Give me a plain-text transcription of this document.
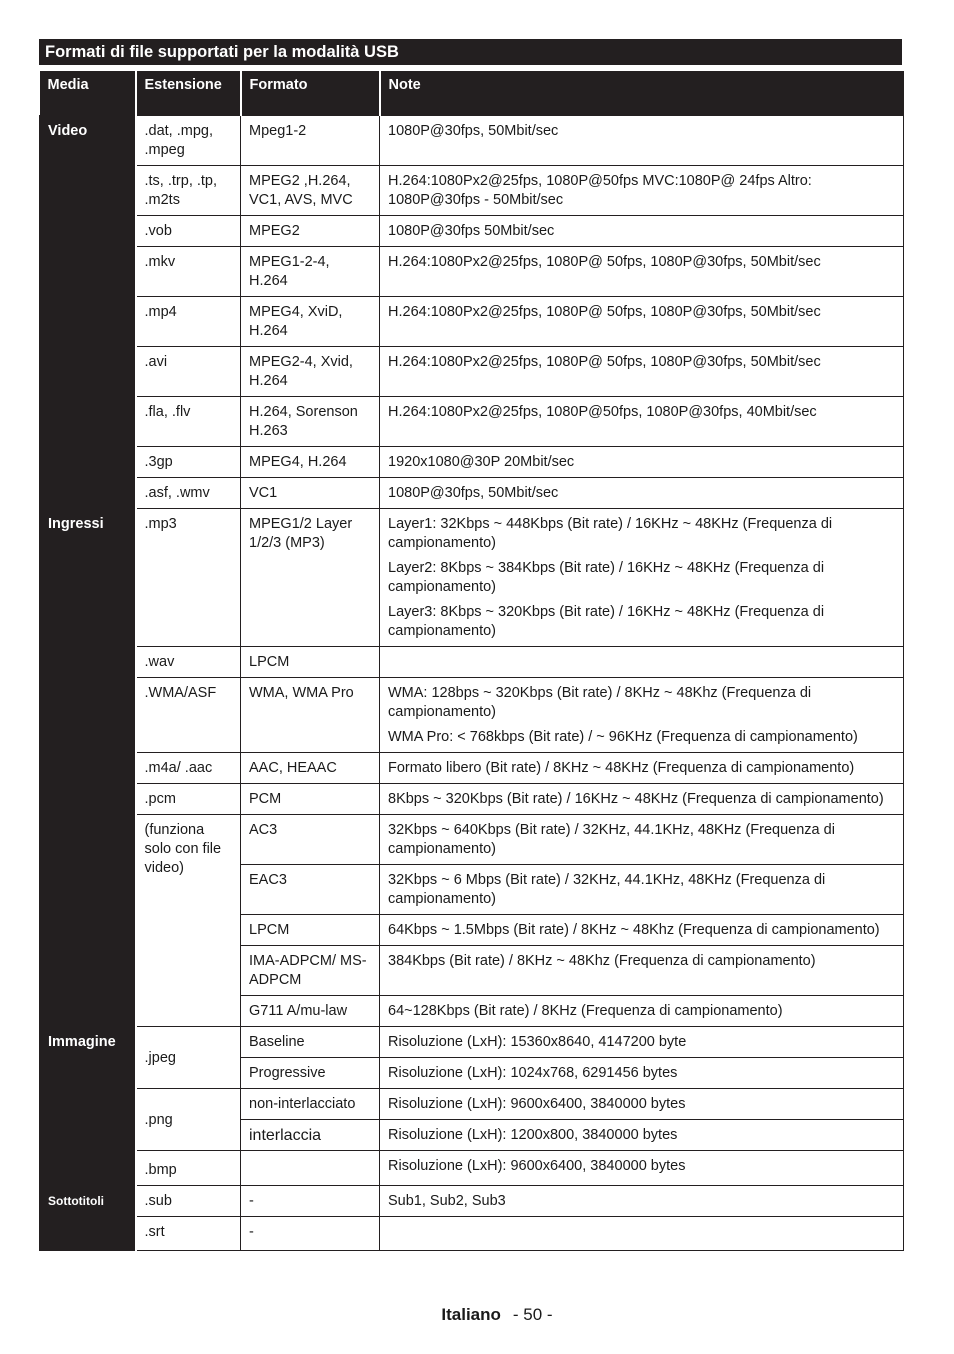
Formati di file supportati per la modalità USB
Media	Estensione	Formato	Note
Video	.dat, .mpg, .mpeg	Mpeg1-2	1080P@30fps, 50Mbit/sec
	.ts, .trp, .tp, .m2ts	MPEG2 ,H.264, VC1, AVS, MVC	H.264:1080Px2@25fps, 1080P@50fps MVC:1080P@ 24fps Altro: 1080P@30fps - 50Mbit/sec
	.vob	MPEG2	1080P@30fps 50Mbit/sec
	.mkv	MPEG1-2-4, H.264	H.264:1080Px2@25fps, 1080P@ 50fps, 1080P@30fps, 50Mbit/sec
	.mp4	MPEG4, XviD, H.264	H.264:1080Px2@25fps, 1080P@ 50fps, 1080P@30fps, 50Mbit/sec
	.avi	MPEG2-4, Xvid, H.264	H.264:1080Px2@25fps, 1080P@ 50fps, 1080P@30fps, 50Mbit/sec
	.fla, .flv	H.264, Sorenson H.263	H.264:1080Px2@25fps, 1080P@50fps, 1080P@30fps, 40Mbit/sec
	.3gp	MPEG4, H.264	1920x1080@30P 20Mbit/sec
	.asf, .wmv	VC1	1080P@30fps, 50Mbit/sec
Ingressi	.mp3	MPEG1/2 Layer 1/2/3 (MP3)	Layer1: 32Kbps ~ 448Kbps (Bit rate) / 16KHz ~ 48KHz (Frequenza di campionamento)
Layer2: 8Kbps ~ 384Kbps (Bit rate) / 16KHz ~ 48KHz (Frequenza di campionamento)
Layer3: 8Kbps ~ 320Kbps (Bit rate) / 16KHz ~ 48KHz (Frequenza di campionamento)

	.wav	LPCM	
	.WMA/ASF	WMA, WMA Pro	WMA: 128bps ~ 320Kbps (Bit rate) / 8KHz ~ 48Khz (Frequenza di campionamento)
WMA Pro: < 768kbps (Bit rate) / ~ 96KHz (Frequenza di campionamento)

	.m4a/ .aac	AAC, HEAAC	Formato libero (Bit rate) / 8KHz ~ 48KHz (Frequenza di campionamento)
	.pcm	PCM	8Kbps ~ 320Kbps (Bit rate) / 16KHz ~ 48KHz (Frequenza di campionamento)
	(funziona solo con file video)	AC3	32Kbps ~ 640Kbps (Bit rate) / 32KHz, 44.1KHz, 48KHz (Frequenza di campionamento)
		EAC3	32Kbps ~ 6 Mbps (Bit rate) / 32KHz, 44.1KHz, 48KHz (Frequenza di campionamento)
		LPCM	64Kbps ~ 1.5Mbps (Bit rate) / 8KHz ~ 48Khz (Frequenza di campionamento)
		IMA-ADPCM/ MS-ADPCM	384Kbps (Bit rate) / 8KHz ~ 48Khz (Frequenza di campionamento)
		G711 A/mu-law	64~128Kbps (Bit rate) / 8KHz (Frequenza di campionamento)
Immagine	.jpeg	Baseline	Risoluzione (LxH): 15360x8640, 4147200 byte
		Progressive	Risoluzione (LxH): 1024x768, 6291456 bytes
	.png	non-interlacciato	Risoluzione (LxH): 9600x6400, 3840000 bytes
		interlaccia	Risoluzione (LxH): 1200x800, 3840000 bytes
	.bmp		Risoluzione (LxH): 9600x6400, 3840000 bytes
Sottotitoli	.sub	-	Sub1, Sub2, Sub3
	.srt	-	
Italiano - 50 -
